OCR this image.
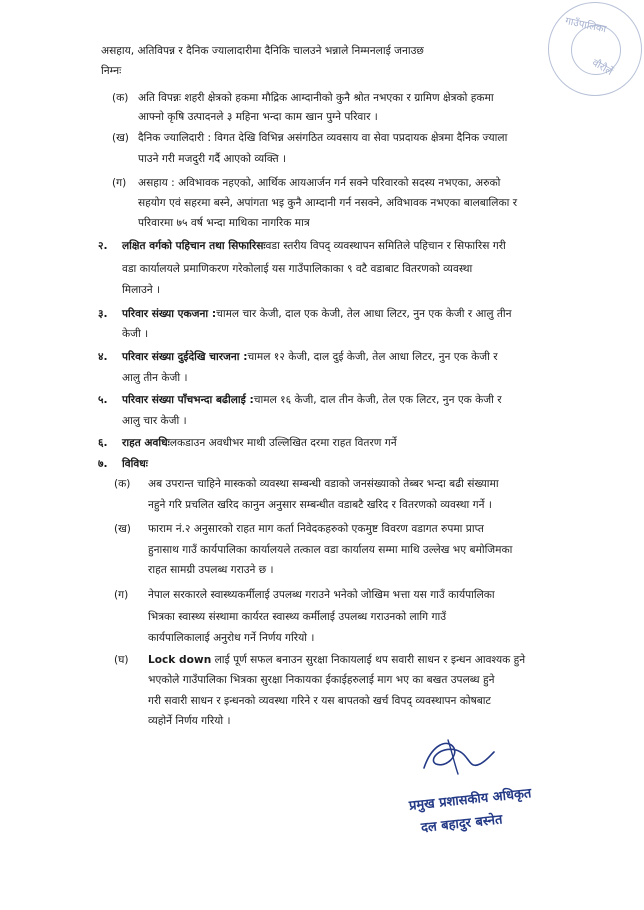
गाउँपालिका
वौरौलें
असहाय, अतिविपन्न र दैनिक ज्यालादारीमा दैनिकि चालउने भन्नाले निम्मनलाई जनाउछ
निम्नः
(क) अति विपन्नः शहरी क्षेत्रको हकमा मौद्रिक आम्दानीको कुनै श्रोत नभएका र ग्रामिण क्षेत्रको हकमा
आफ्नो कृषि उत्पादनले ३ महिना भन्दा काम खान पुग्ने परिवार ।
(ख) दैनिक ज्यालिदारी : विगत देखि विभिन्न असंगठित व्यवसाय वा सेवा पप्रदायक क्षेत्रमा दैनिक ज्याला
पाउने गरी मजदुरी गर्दै आएको व्यक्ति ।
(ग) असहाय : अविभावक नहएको, आर्थिक आयआर्जन गर्न सक्ने परिवारको सदस्य नभएका, अरुको
सहयोग एवं सहरमा बस्ने, अपांगता भइ कुनै आम्दानी गर्न नसक्ने, अविभावक नभएका बालबालिका र
परिवारमा ७५ वर्ष भन्दा माथिका नागरिक मात्र
२. लक्षित वर्गको पहिचान तथा सिफारिसःवडा स्तरीय विपद् व्यवस्थापन समितिले पहिचान र सिफारिस गरी
वडा कार्यालयले प्रमाणिकरण गरेकोलाई यस गाउँपालिकाका ९ वटै वडाबाट वितरणको व्यवस्था
मिलाउने ।
३. परिवार संख्या एकजना :चामल चार केजी, दाल एक केजी, तेल आधा लिटर, नुन एक केजी र आलु तीन
केजी ।
४. परिवार संख्या दुईदेखि चारजना :चामल १२ केजी, दाल दुई केजी, तेल आधा लिटर, नुन एक केजी र
आलु तीन केजी ।
५. परिवार संख्या पाँचभन्दा बढीलाई :चामल १६ केजी, दाल तीन केजी, तेल एक लिटर, नुन एक केजी र
आलु चार केजी ।
६. राहत अवधिःलकडाउन अवधीभर माथी उल्लिखित दरमा राहत वितरण गर्ने
७. विविधः
(क) अब उपरान्त चाहिने मास्कको व्यवस्था सम्बन्धी वडाको जनसंख्याको तेब्बर भन्दा बढी संख्यामा
नहुने गरि प्रचलित खरिद कानुन अनुसार सम्बन्धीत वडाबटै खरिद र वितरणको व्यवस्था गर्ने ।
(ख) फाराम नं.२ अनुसारको राहत माग कर्ता निवेदकहरुको एकमुष्ट विवरण वडागत रुपमा प्राप्त
हुनासाथ गाउँ कार्यपालिका कार्यालयले तत्काल वडा कार्यालय सम्मा माथि उल्लेख भए बमोजिमका
राहत सामग्री उपलब्ध गराउने छ ।
(ग) नेपाल सरकारले स्वास्थ्यकर्मीलाई उपलब्ध गराउने भनेको जोखिम भत्ता यस गाउँ कार्यपालिका
भित्रका स्वास्थ्य संस्थामा कार्यरत स्वास्थ्य कर्मीलाई उपलब्ध गराउनको लागि गाउँ
कार्यपालिकालाई अनुरोध गर्ने निर्णय गरियो ।
(घ) Lock down लाई पूर्ण सफल बनाउन सुरक्षा निकायलाई थप सवारी साधन र इन्धन आवश्यक हुने
भएकोले गाउँपालिका भित्रका सुरक्षा निकायका ईकाईहरुलाई माग भए का बखत उपलब्ध हुने
गरी सवारी साधन र इन्धनको व्यवस्था गरिने र यस बापतको खर्च विपद् व्यवस्थापन कोषबाट
व्यहोर्ने निर्णय गरियो ।
प्रमुख प्रशासकीय अधिकृत
दल बहादुर बस्नेत
